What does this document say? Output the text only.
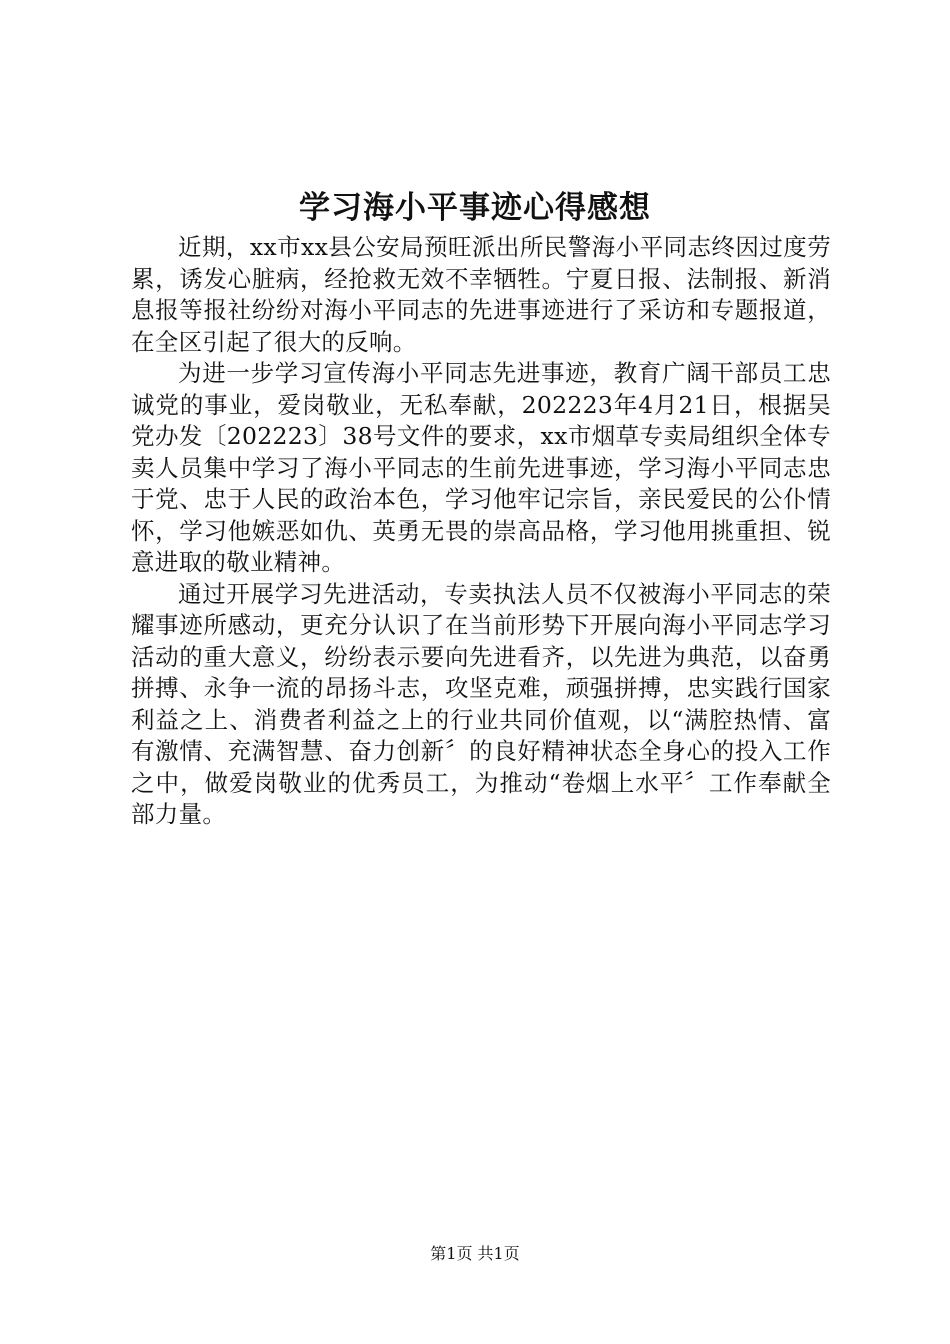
学习海小平事迹心得感想

近期，xx市xx县公安局预旺派出所民警海小平同志终因过度劳累，诱发心脏病，经抢救无效不幸牺牲。宁夏日报、法制报、新消息报等报社纷纷对海小平同志的先进事迹进行了采访和专题报道，在全区引起了很大的反响。

为进一步学习宣传海小平同志先进事迹，教育广阔干部员工忠诚党的事业，爱岗敬业，无私奉献，202223年4月21日，根据吴党办发〔202223〕38号文件的要求，xx市烟草专卖局组织全体专卖人员集中学习了海小平同志的生前先进事迹，学习海小平同志忠于党、忠于人民的政治本色，学习他牢记宗旨，亲民爱民的公仆情怀，学习他嫉恶如仇、英勇无畏的崇高品格，学习他用挑重担、锐意进取的敬业精神。

通过开展学习先进活动，专卖执法人员不仅被海小平同志的荣耀事迹所感动，更充分认识了在当前形势下开展向海小平同志学习活动的重大意义，纷纷表示要向先进看齐，以先进为典范，以奋勇拼搏、永争一流的昂扬斗志，攻坚克难，顽强拼搏，忠实践行国家利益之上、消费者利益之上的行业共同价值观，以“满腔热情、富有激情、充满智慧、奋力创新〞的良好精神状态全身心的投入工作之中，做爱岗敬业的优秀员工，为推动“卷烟上水平〞工作奉献全部力量。

第1页 共1页
